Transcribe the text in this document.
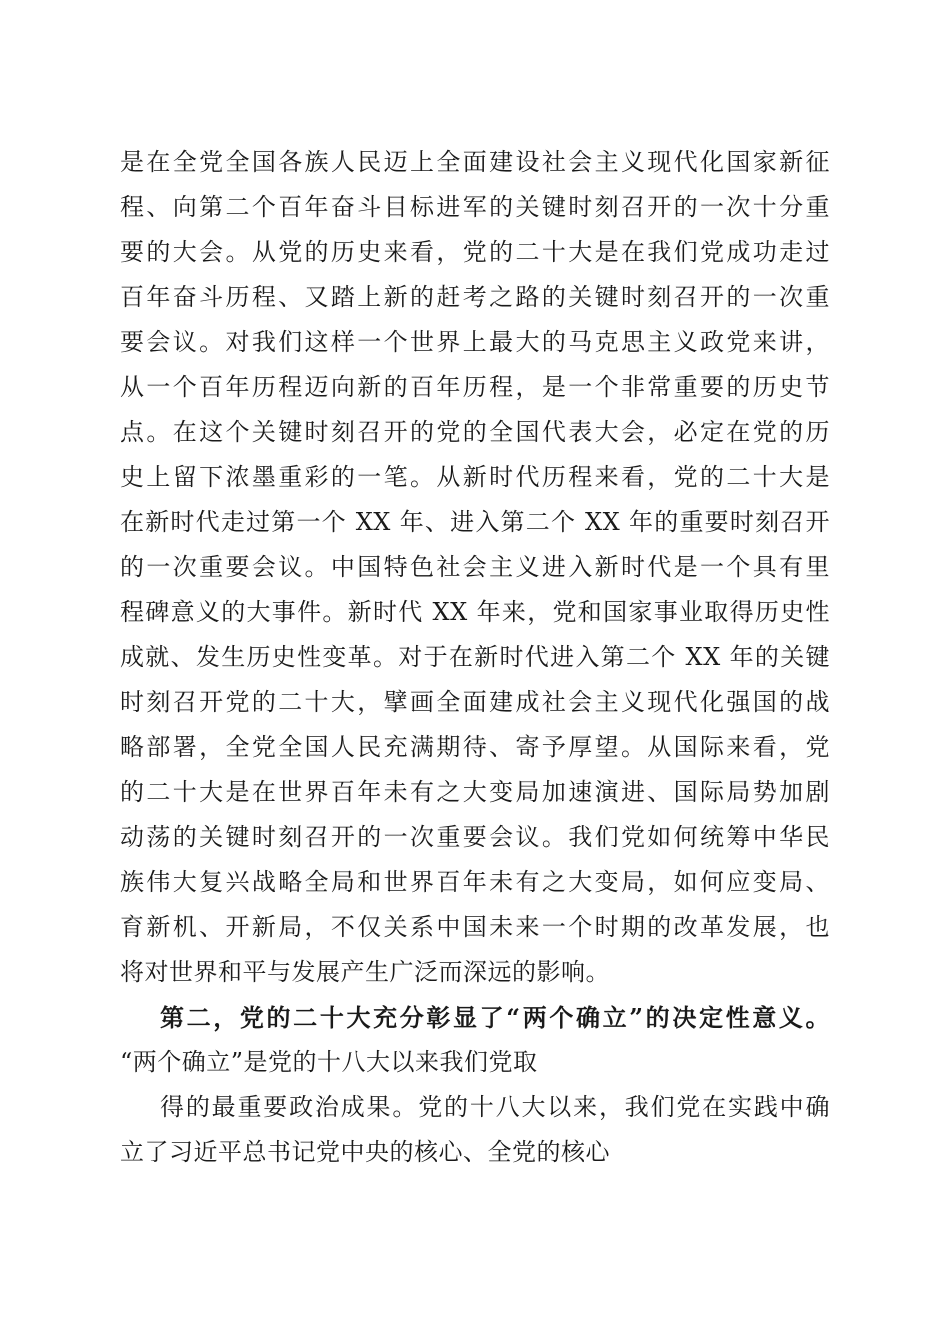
是在全党全国各族人民迈上全面建设社会主义现代化国家新征
程、向第二个百年奋斗目标进军的关键时刻召开的一次十分重
要的大会。从党的历史来看，党的二十大是在我们党成功走过
百年奋斗历程、又踏上新的赶考之路的关键时刻召开的一次重
要会议。对我们这样一个世界上最大的马克思主义政党来讲，
从一个百年历程迈向新的百年历程，是一个非常重要的历史节
点。在这个关键时刻召开的党的全国代表大会，必定在党的历
史上留下浓墨重彩的一笔。从新时代历程来看，党的二十大是
在新时代走过第一个 XX 年、进入第二个 XX 年的重要时刻召开
的一次重要会议。中国特色社会主义进入新时代是一个具有里
程碑意义的大事件。新时代 XX 年来，党和国家事业取得历史性
成就、发生历史性变革。对于在新时代进入第二个 XX 年的关键
时刻召开党的二十大，擘画全面建成社会主义现代化强国的战
略部署，全党全国人民充满期待、寄予厚望。从国际来看，党
的二十大是在世界百年未有之大变局加速演进、国际局势加剧
动荡的关键时刻召开的一次重要会议。我们党如何统筹中华民
族伟大复兴战略全局和世界百年未有之大变局，如何应变局、
育新机、开新局，不仅关系中国未来一个时期的改革发展，也
将对世界和平与发展产生广泛而深远的影响。
第二，党的二十大充分彰显了“两个确立”的决定性意义。
“两个确立”是党的十八大以来我们党取
得的最重要政治成果。党的十八大以来，我们党在实践中确
立了习近平总书记党中央的核心、全党的核心
